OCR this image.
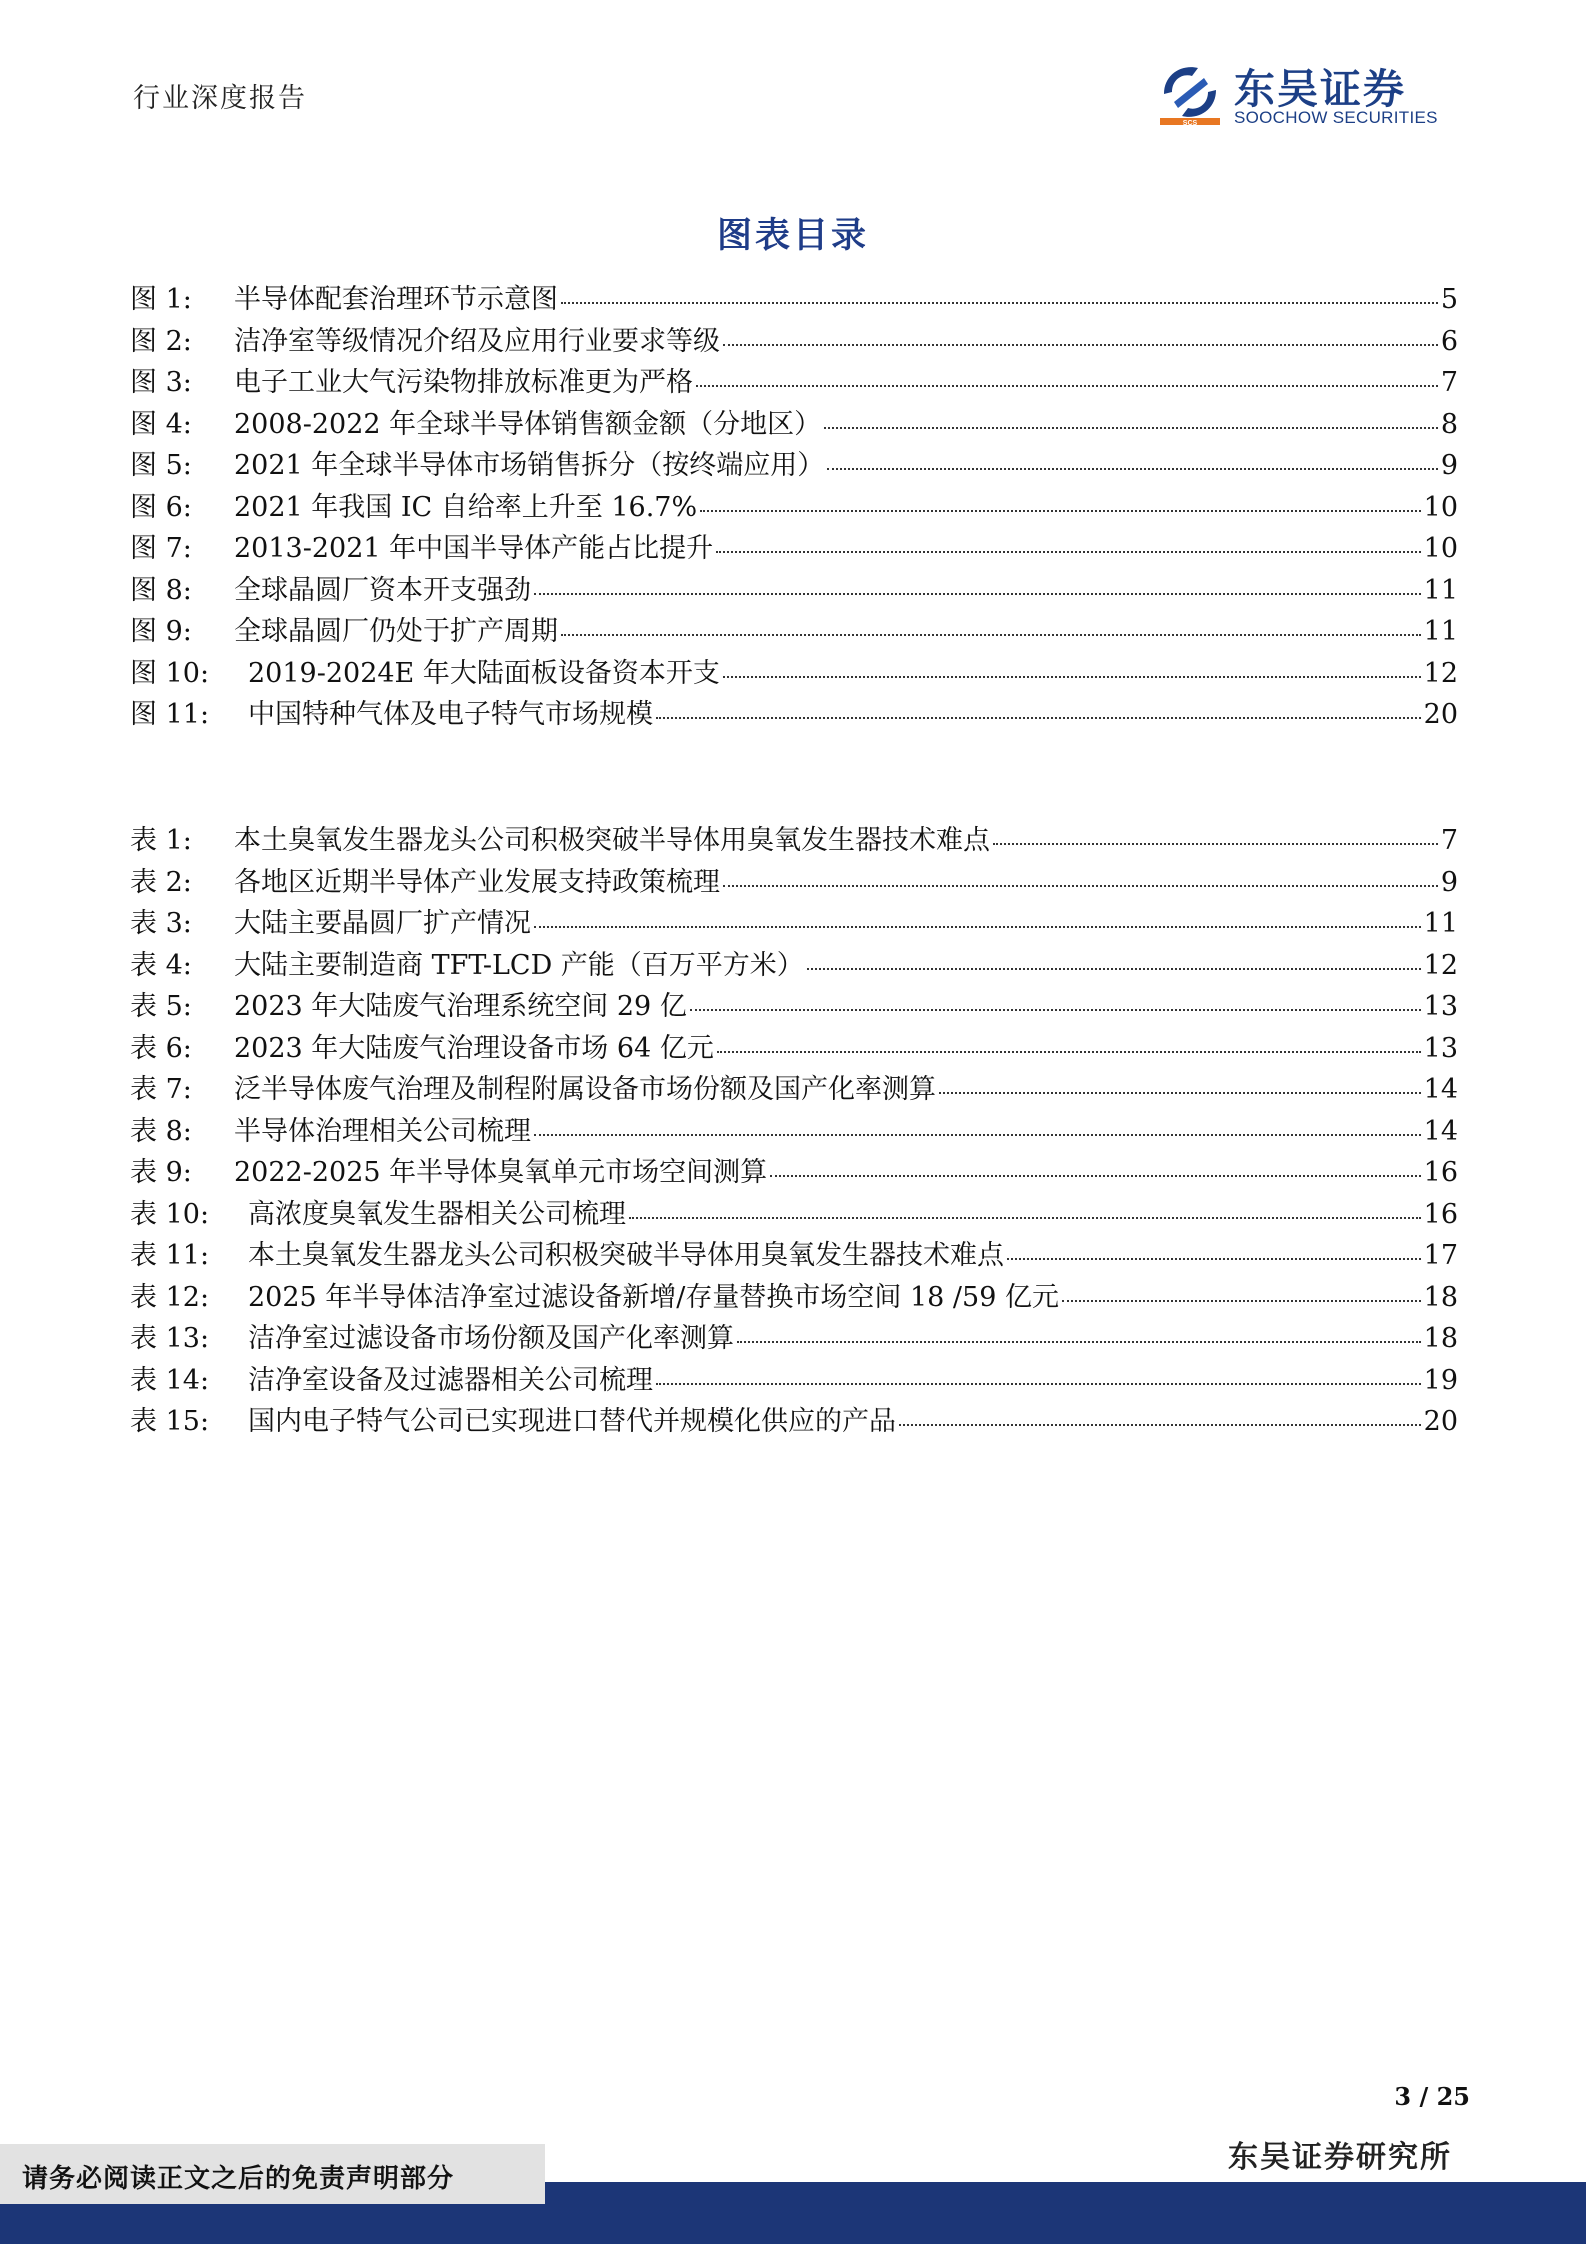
行业深度报告
SCS
东吴证券
SOOCHOW SECURITIES
图表目录
图 1:	半导体配套治理环节示意图	5
图 2:	洁净室等级情况介绍及应用行业要求等级	6
图 3:	电子工业大气污染物排放标准更为严格	7
图 4:	2008-2022 年全球半导体销售额金额（分地区）	8
图 5:	2021 年全球半导体市场销售拆分（按终端应用）	9
图 6:	2021 年我国 IC 自给率上升至 16.7%	10
图 7:	2013-2021 年中国半导体产能占比提升	10
图 8:	全球晶圆厂资本开支强劲	11
图 9:	全球晶圆厂仍处于扩产周期	11
图 10:	2019-2024E 年大陆面板设备资本开支	12
图 11:	中国特种气体及电子特气市场规模	20
表 1:	本土臭氧发生器龙头公司积极突破半导体用臭氧发生器技术难点	7
表 2:	各地区近期半导体产业发展支持政策梳理	9
表 3:	大陆主要晶圆厂扩产情况	11
表 4:	大陆主要制造商 TFT-LCD 产能（百万平方米）	12
表 5:	2023 年大陆废气治理系统空间 29 亿	13
表 6:	2023 年大陆废气治理设备市场 64 亿元	13
表 7:	泛半导体废气治理及制程附属设备市场份额及国产化率测算	14
表 8:	半导体治理相关公司梳理	14
表 9:	2022-2025 年半导体臭氧单元市场空间测算	16
表 10:	高浓度臭氧发生器相关公司梳理	16
表 11:	本土臭氧发生器龙头公司积极突破半导体用臭氧发生器技术难点	17
表 12:	2025 年半导体洁净室过滤设备新增/存量替换市场空间 18 /59 亿元	18
表 13:	洁净室过滤设备市场份额及国产化率测算	18
表 14:	洁净室设备及过滤器相关公司梳理	19
表 15:	国内电子特气公司已实现进口替代并规模化供应的产品	20
3 / 25
东吴证券研究所
请务必阅读正文之后的免责声明部分
